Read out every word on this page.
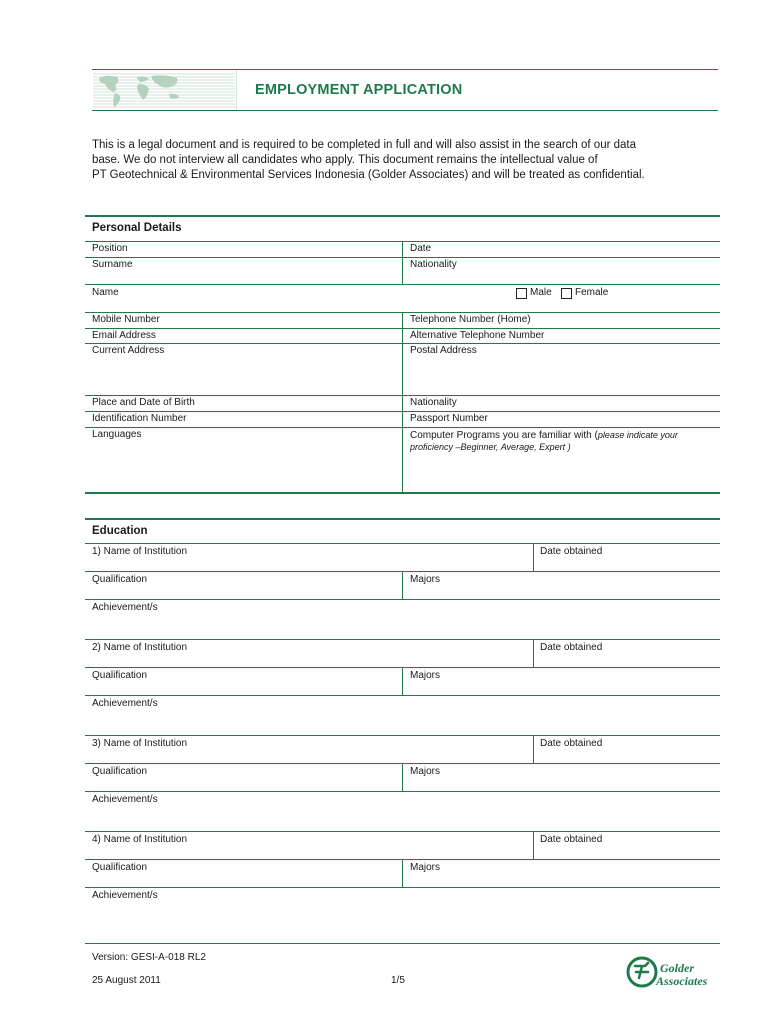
EMPLOYMENT APPLICATION
This is a legal document and is required to be completed in full and will also assist in the search of our data
base. We do not interview all candidates who apply. This document remains the intellectual value of
PT Geotechnical & Environmental Services Indonesia (Golder Associates) and will be treated as confidential.
Personal Details
Position	Date
Surname	Nationality
Name	Male Female
Mobile Number	Telephone Number (Home)
Email Address	Alternative Telephone Number
Current Address	Postal Address
Place and Date of Birth	Nationality
Identification Number	Passport Number
Languages	Computer Programs you are familiar with (please indicate your
proficiency –Beginner, Average, Expert )
Education
1) Name of Institution	Date obtained
Qualification	Majors
Achievement/s
2) Name of Institution	Date obtained
Qualification	Majors
Achievement/s
3) Name of Institution	Date obtained
Qualification	Majors
Achievement/s
4) Name of Institution	Date obtained
Qualification	Majors
Achievement/s
Version: GESI-A-018 RL2
25 August 2011	1/5
Golder
Associates
